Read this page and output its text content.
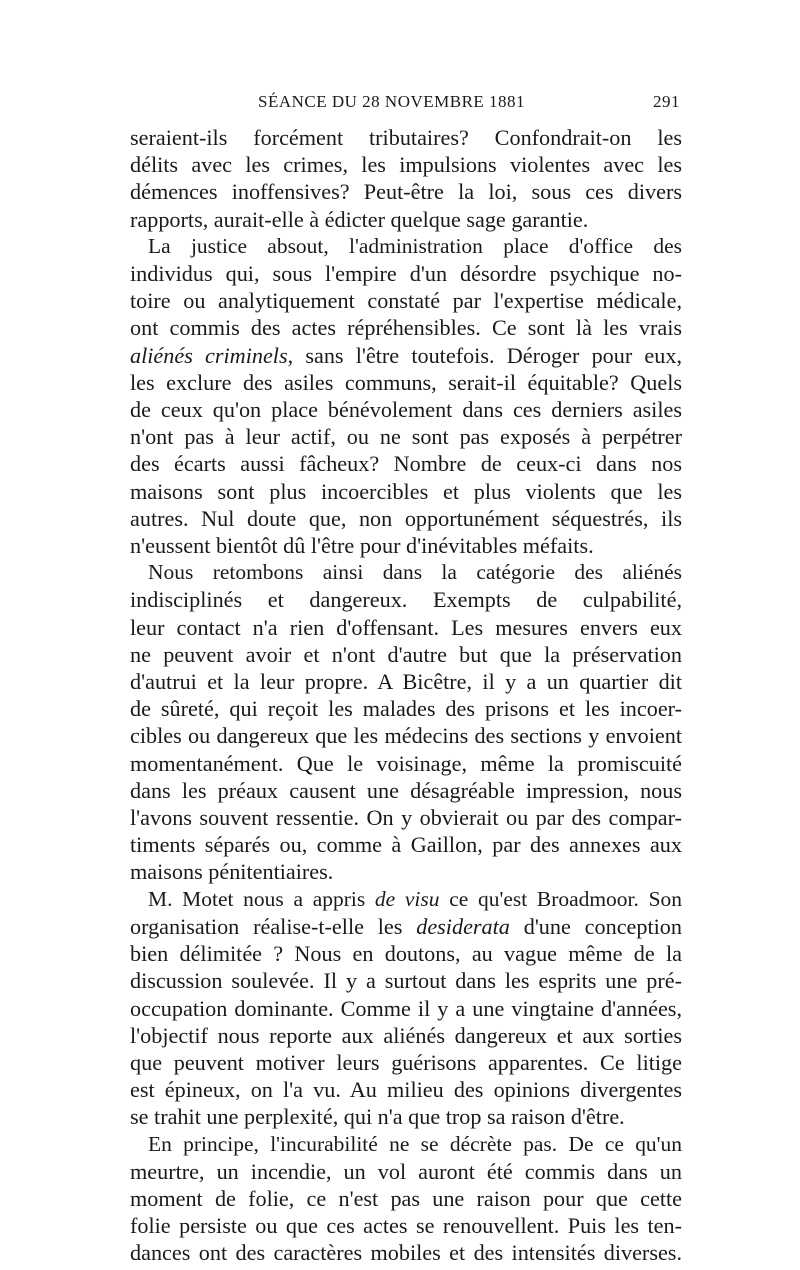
SÉANCE DU 28 NOVEMBRE 1881	291
seraient-ils forcément tributaires? Confondrait-on les
délits avec les crimes, les impulsions violentes avec les
démences inoffensives? Peut-être la loi, sous ces divers
rapports, aurait-elle à édicter quelque sage garantie.
La justice absout, l'administration place d'office des
individus qui, sous l'empire d'un désordre psychique no-
toire ou analytiquement constaté par l'expertise médicale,
ont commis des actes répréhensibles. Ce sont là les vrais
aliénés criminels, sans l'être toutefois. Déroger pour eux,
les exclure des asiles communs, serait-il équitable? Quels
de ceux qu'on place bénévolement dans ces derniers asiles
n'ont pas à leur actif, ou ne sont pas exposés à perpétrer
des écarts aussi fâcheux? Nombre de ceux-ci dans nos
maisons sont plus incoercibles et plus violents que les
autres. Nul doute que, non opportunément séquestrés, ils
n'eussent bientôt dû l'être pour d'inévitables méfaits.
Nous retombons ainsi dans la catégorie des aliénés
indisciplinés et dangereux. Exempts de culpabilité,
leur contact n'a rien d'offensant. Les mesures envers eux
ne peuvent avoir et n'ont d'autre but que la préservation
d'autrui et la leur propre. A Bicêtre, il y a un quartier dit
de sûreté, qui reçoit les malades des prisons et les incoer-
cibles ou dangereux que les médecins des sections y envoient
momentanément. Que le voisinage, même la promiscuité
dans les préaux causent une désagréable impression, nous
l'avons souvent ressentie. On y obvierait ou par des compar-
timents séparés ou, comme à Gaillon, par des annexes aux
maisons pénitentiaires.
M. Motet nous a appris de visu ce qu'est Broadmoor. Son
organisation réalise-t-elle les desiderata d'une conception
bien délimitée ? Nous en doutons, au vague même de la
discussion soulevée. Il y a surtout dans les esprits une pré-
occupation dominante. Comme il y a une vingtaine d'années,
l'objectif nous reporte aux aliénés dangereux et aux sorties
que peuvent motiver leurs guérisons apparentes. Ce litige
est épineux, on l'a vu. Au milieu des opinions divergentes
se trahit une perplexité, qui n'a que trop sa raison d'être.
En principe, l'incurabilité ne se décrète pas. De ce qu'un
meurtre, un incendie, un vol auront été commis dans un
moment de folie, ce n'est pas une raison pour que cette
folie persiste ou que ces actes se renouvellent. Puis les ten-
dances ont des caractères mobiles et des intensités diverses.
